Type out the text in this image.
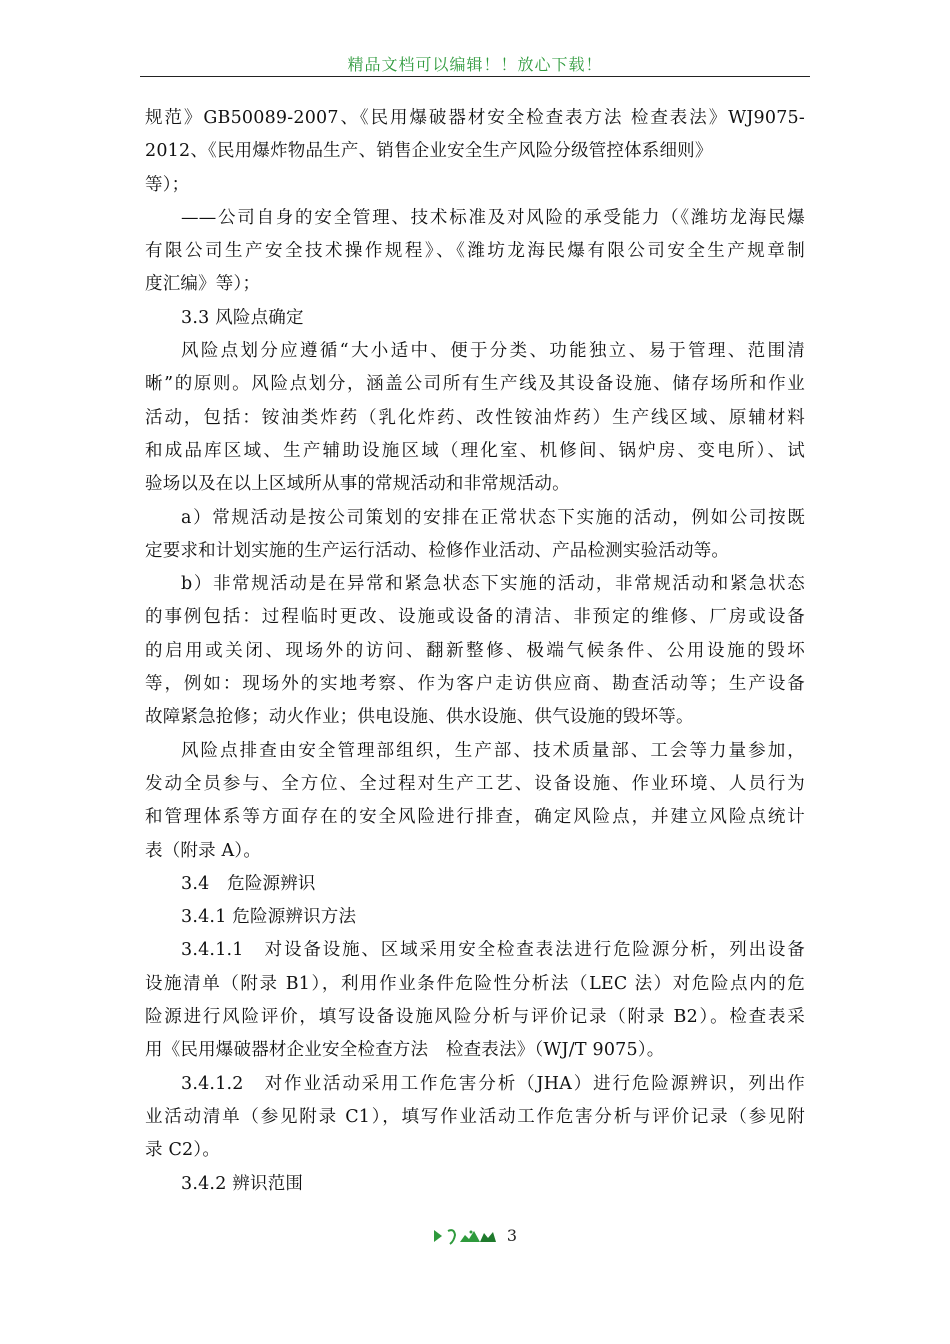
精品文档可以编辑！！放心下载！
规范》GB50089-2007、《民用爆破器材安全检查表方法 检查表法》WJ9075-
2012、《民用爆炸物品生产、销售企业安全生产风险分级管控体系细则》
等）；
——公司自身的安全管理、技术标准及对风险的承受能力（《潍坊龙海民爆
有限公司生产安全技术操作规程》、《潍坊龙海民爆有限公司安全生产规章制
度汇编》等）；
3.3 风险点确定
风险点划分应遵循“大小适中、便于分类、功能独立、易于管理、范围清
晰”的原则。风险点划分，涵盖公司所有生产线及其设备设施、储存场所和作业
活动，包括：铵油类炸药（乳化炸药、改性铵油炸药）生产线区域、原辅材料
和成品库区域、生产辅助设施区域（理化室、机修间、锅炉房、变电所）、试
验场以及在以上区域所从事的常规活动和非常规活动。
a）常规活动是按公司策划的安排在正常状态下实施的活动，例如公司按既
定要求和计划实施的生产运行活动、检修作业活动、产品检测实验活动等。
b）非常规活动是在异常和紧急状态下实施的活动，非常规活动和紧急状态
的事例包括：过程临时更改、设施或设备的清洁、非预定的维修、厂房或设备
的启用或关闭、现场外的访问、翻新整修、极端气候条件、公用设施的毁坏
等，例如：现场外的实地考察、作为客户走访供应商、勘查活动等；生产设备
故障紧急抢修；动火作业；供电设施、供水设施、供气设施的毁坏等。
风险点排查由安全管理部组织，生产部、技术质量部、工会等力量参加，
发动全员参与、全方位、全过程对生产工艺、设备设施、作业环境、人员行为
和管理体系等方面存在的安全风险进行排查，确定风险点，并建立风险点统计
表（附录 A）。
3.4　危险源辨识
3.4.1 危险源辨识方法
3.4.1.1　对设备设施、区域采用安全检查表法进行危险源分析，列出设备
设施清单（附录 B1），利用作业条件危险性分析法（LEC 法）对危险点内的危
险源进行风险评价，填写设备设施风险分析与评价记录（附录 B2）。检查表采
用《民用爆破器材企业安全检查方法　检查表法》（WJ/T 9075）。
3.4.1.2　对作业活动采用工作危害分析（JHA）进行危险源辨识，列出作
业活动清单（参见附录 C1），填写作业活动工作危害分析与评价记录（参见附
录 C2）。
3.4.2 辨识范围
3
